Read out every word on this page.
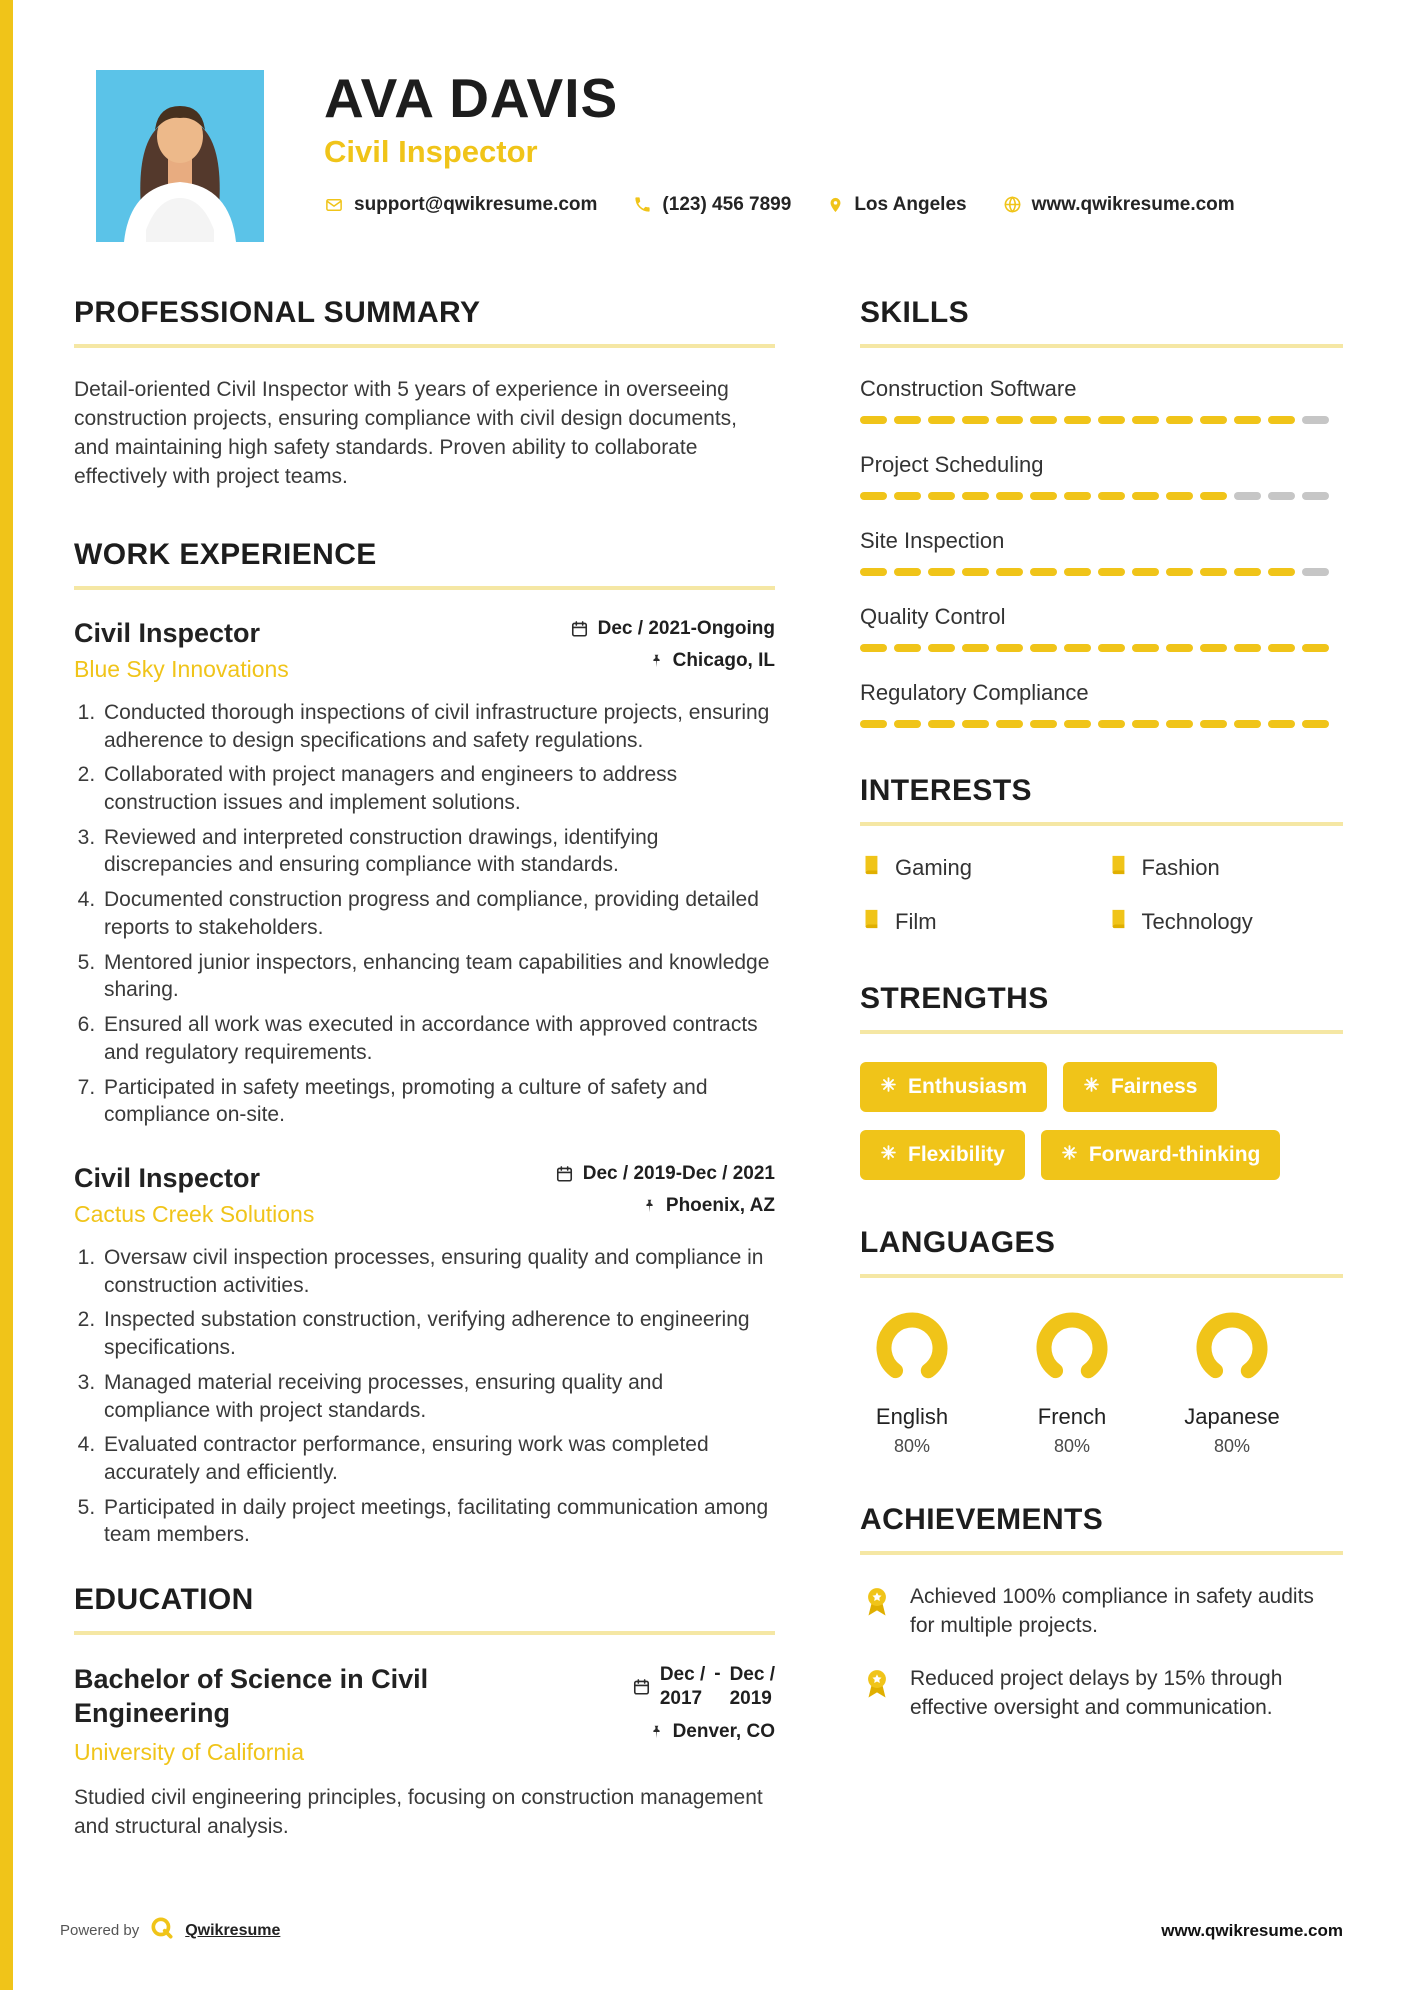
AVA DAVIS
Civil Inspector
support@qwikresume.com	(123) 456 7899	Los Angeles	www.qwikresume.com
PROFESSIONAL SUMMARY

Detail-oriented Civil Inspector with 5 years of experience in overseeing construction projects, ensuring compliance with civil design documents, and maintaining high safety standards. Proven ability to collaborate effectively with project teams.

WORK EXPERIENCE
Civil Inspector
Blue Sky Innovations
Dec / 2021-Ongoing
Chicago, IL
1. Conducted thorough inspections of civil infrastructure projects, ensuring adherence to design specifications and safety regulations.
2. Collaborated with project managers and engineers to address construction issues and implement solutions.
3. Reviewed and interpreted construction drawings, identifying discrepancies and ensuring compliance with standards.
4. Documented construction progress and compliance, providing detailed reports to stakeholders.
5. Mentored junior inspectors, enhancing team capabilities and knowledge sharing.
6. Ensured all work was executed in accordance with approved contracts and regulatory requirements.
7. Participated in safety meetings, promoting a culture of safety and compliance on-site.
Civil Inspector
Cactus Creek Solutions
Dec / 2019-Dec / 2021
Phoenix, AZ
1. Oversaw civil inspection processes, ensuring quality and compliance in construction activities.
2. Inspected substation construction, verifying adherence to engineering specifications.
3. Managed material receiving processes, ensuring quality and compliance with project standards.
4. Evaluated contractor performance, ensuring work was completed accurately and efficiently.
5. Participated in daily project meetings, facilitating communication among team members.
EDUCATION
Bachelor of Science in Civil Engineering
University of California
Dec /
2017
- Dec /
2019
Denver, CO

Studied civil engineering principles, focusing on construction management and structural analysis.

SKILLS
Construction Software
Project Scheduling
Site Inspection
Quality Control
Regulatory Compliance
INTERESTS
Gaming	Fashion
Film	Technology
STRENGTHS
Enthusiasm	Fairness
Flexibility	Forward-thinking
LANGUAGES
English
80%
French
80%
Japanese
80%
ACHIEVEMENTS
Achieved 100% compliance in safety audits for multiple projects.
Reduced project delays by 15% through effective oversight and communication.
Powered by	Qwikresume	www.qwikresume.com
